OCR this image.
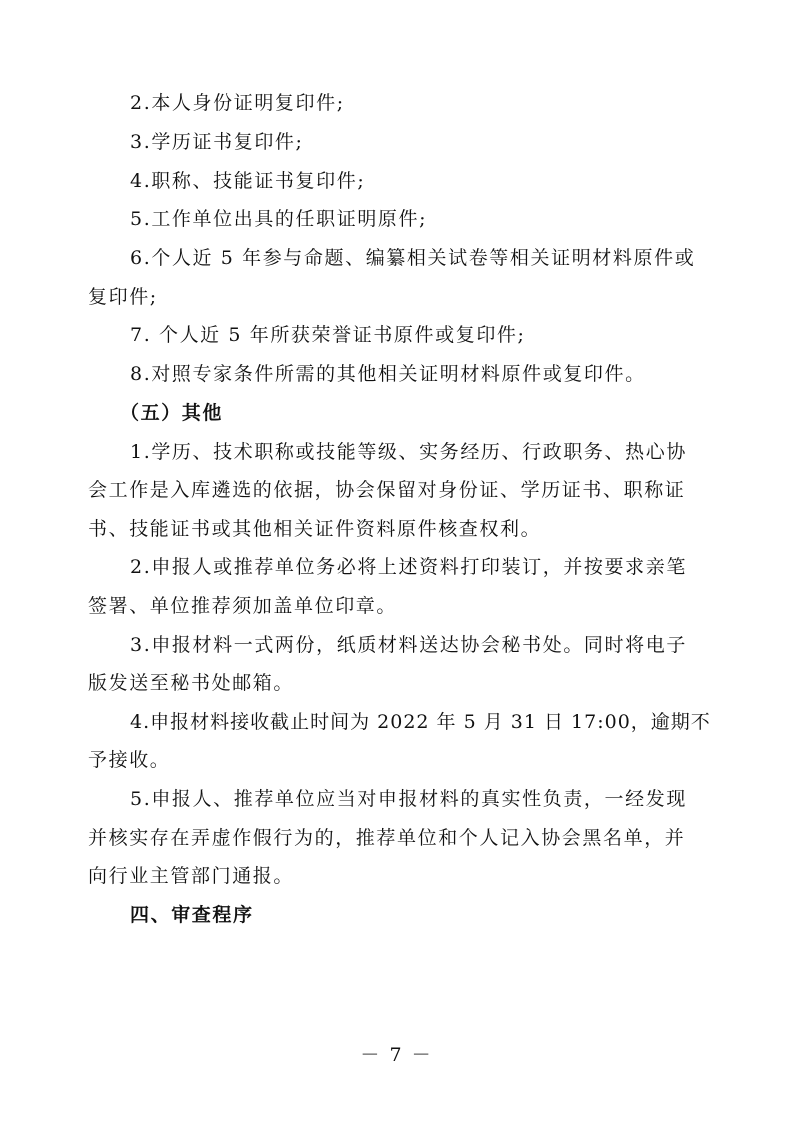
2.本人身份证明复印件;
3.学历证书复印件;
4.职称、技能证书复印件;
5.工作单位出具的任职证明原件;
6.个人近 5 年参与命题、编纂相关试卷等相关证明材料原件或
复印件;
7. 个人近 5 年所获荣誉证书原件或复印件;
8.对照专家条件所需的其他相关证明材料原件或复印件。
（五）其他
1.学历、技术职称或技能等级、实务经历、行政职务、热心协
会工作是入库遴选的依据，协会保留对身份证、学历证书、职称证
书、技能证书或其他相关证件资料原件核查权利。
2.申报人或推荐单位务必将上述资料打印装订，并按要求亲笔
签署、单位推荐须加盖单位印章。
3.申报材料一式两份，纸质材料送达协会秘书处。同时将电子
版发送至秘书处邮箱。
4.申报材料接收截止时间为 2022 年 5 月 31 日 17:00，逾期不
予接收。
5.申报人、推荐单位应当对申报材料的真实性负责，一经发现
并核实存在弄虚作假行为的，推荐单位和个人记入协会黑名单，并
向行业主管部门通报。
四、审查程序
－ 7 －
